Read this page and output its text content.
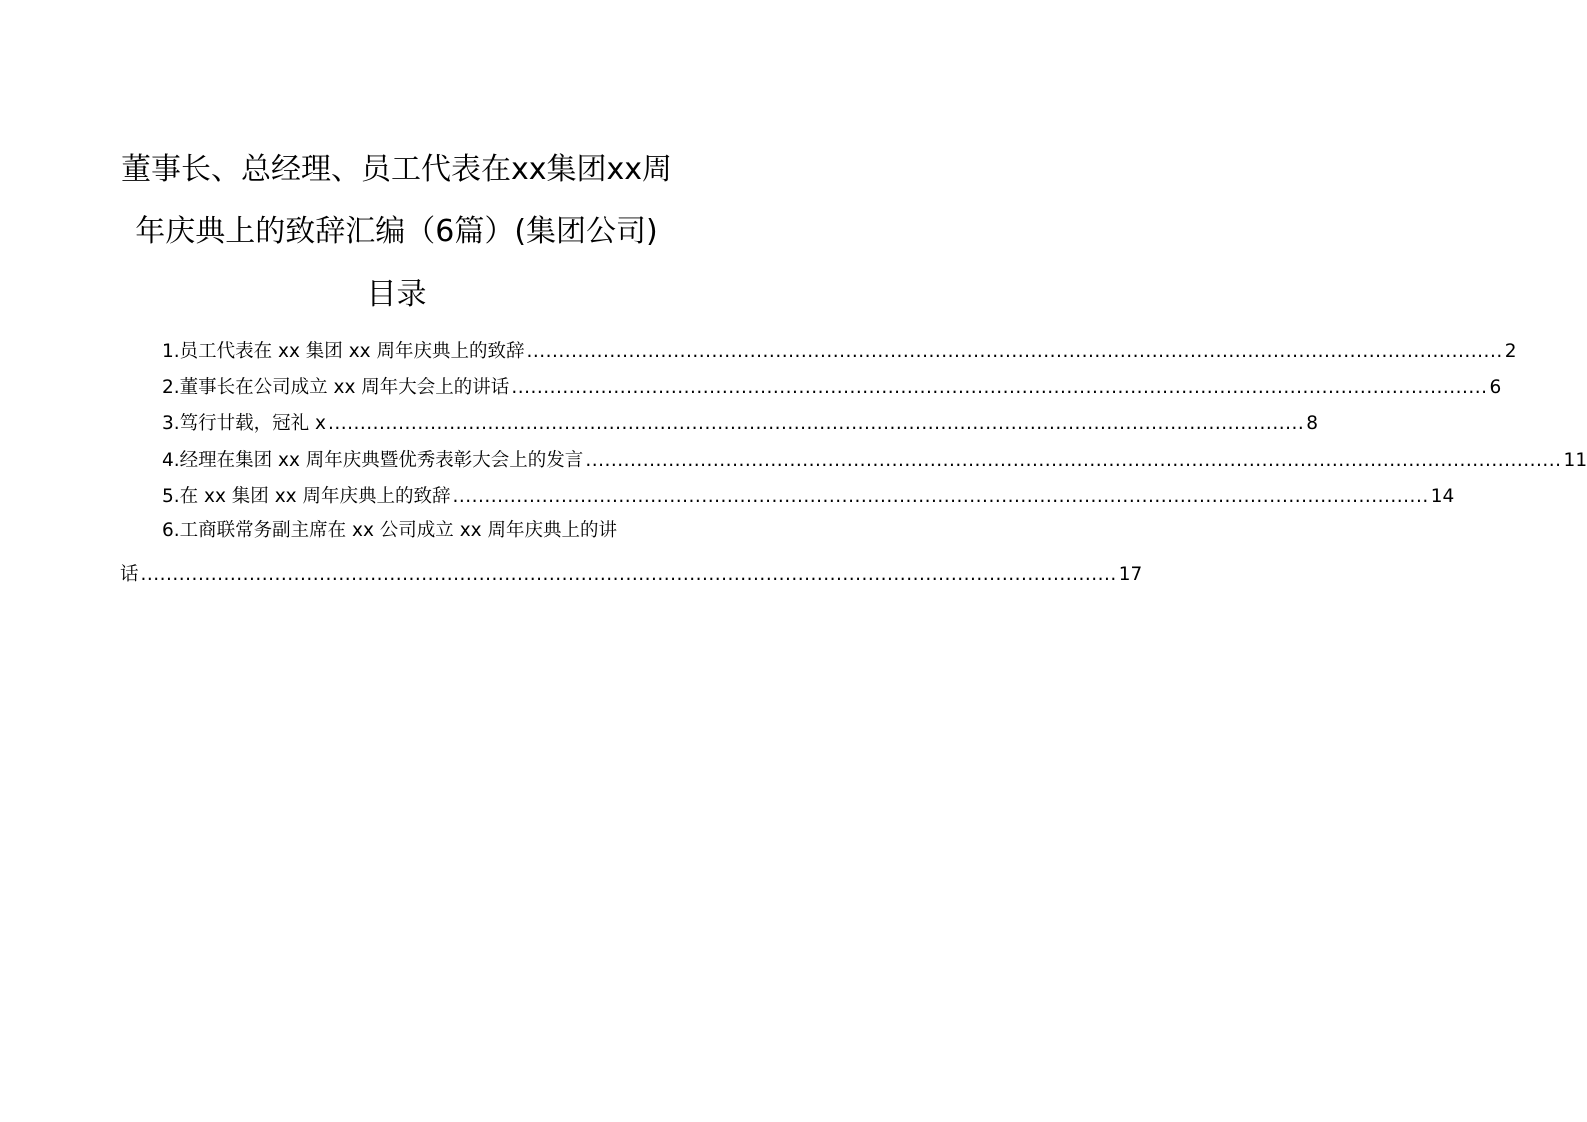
董事长、总经理、员工代表在xx集团xx周
年庆典上的致辞汇编（6篇）(集团公司)
目录
1.员工代表在 xx 集团 xx 周年庆典上的致辞 ......................................................................................................................................................... 2
2.董事长在公司成立 xx 周年大会上的讲话 ......................................................................................................................................................... 6
3.笃行廿载，冠礼 x ......................................................................................................................................................... 8
4.经理在集团 xx 周年庆典暨优秀表彰大会上的发言 ......................................................................................................................................................... 11
5.在 xx 集团 xx 周年庆典上的致辞 ......................................................................................................................................................... 14
6.工商联常务副主席在 xx 公司成立 xx 周年庆典上的讲
话 ......................................................................................................................................................... 17
